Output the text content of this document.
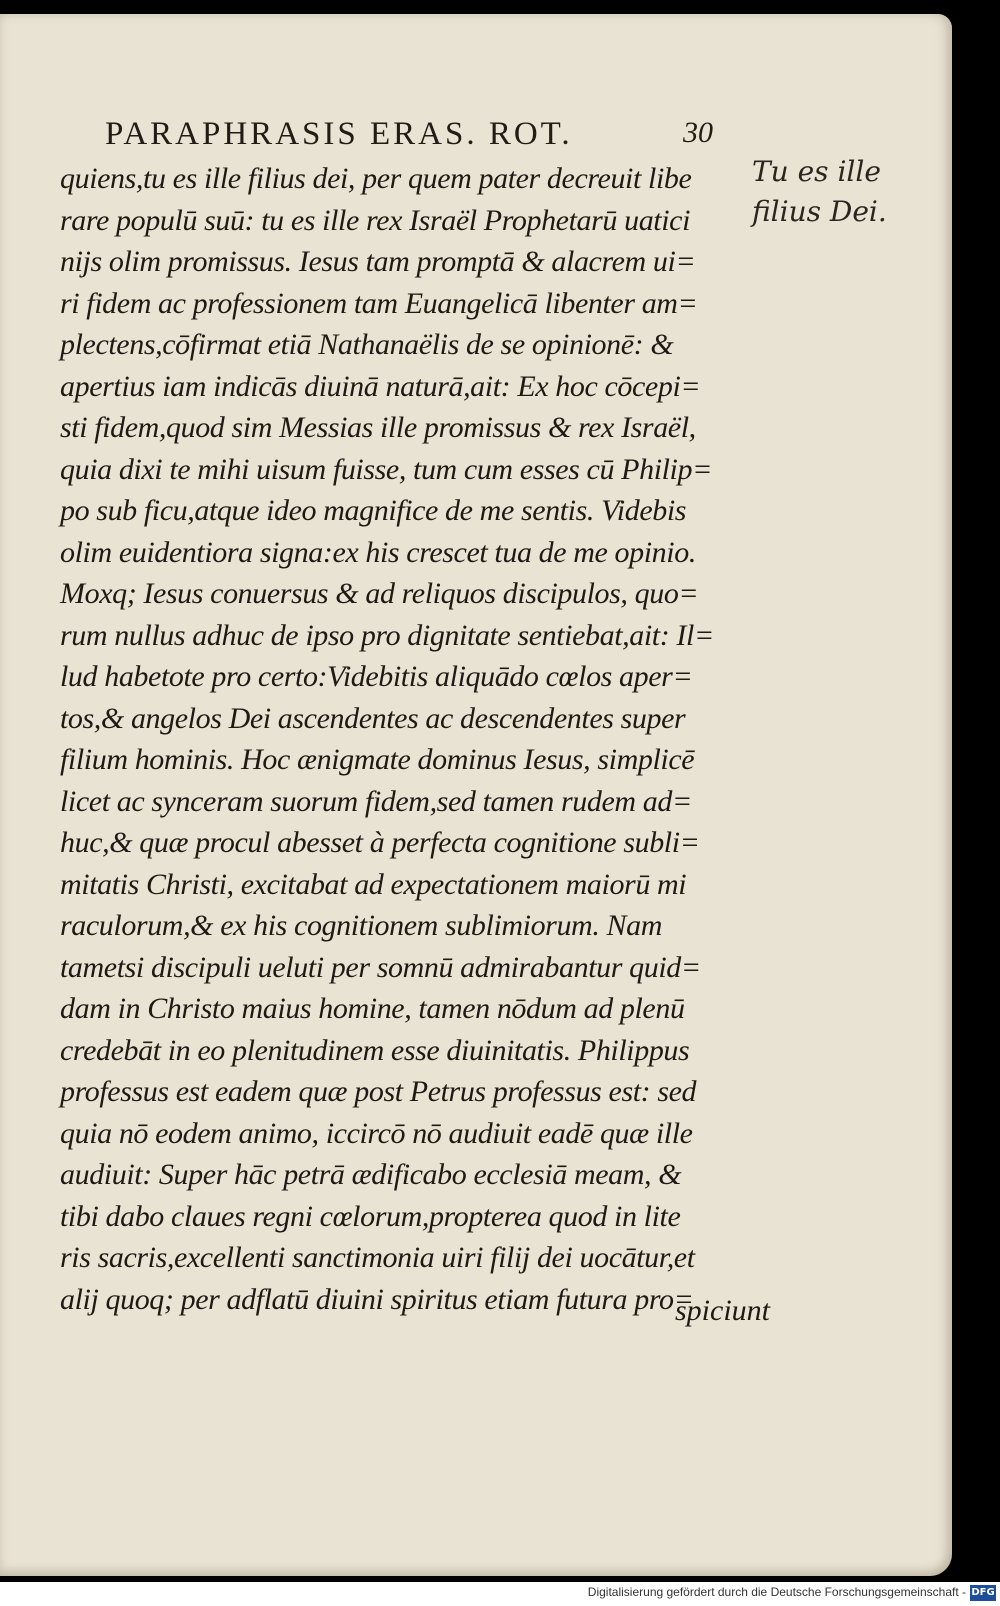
PARAPHRASIS ERAS. ROT.	30
quiens,tu es ille filius dei, per quem pater decreuit libe
rare populū suū: tu es ille rex Israël Prophetarū uatici
nijs olim promissus. Iesus tam promptā & alacrem ui=
ri fidem ac professionem tam Euangelicā libenter am=
plectens,cōfirmat etiā Nathanaëlis de se opinionē: &
apertius iam indicās diuinā naturā,ait: Ex hoc cōcepi=
sti fidem,quod sim Messias ille promissus & rex Israël,
quia dixi te mihi uisum fuisse, tum cum esses cū Philip=
po sub ficu,atque ideo magnifice de me sentis. Videbis
olim euidentiora signa:ex his crescet tua de me opinio.
Moxq; Iesus conuersus & ad reliquos discipulos, quo=
rum nullus adhuc de ipso pro dignitate sentiebat,ait: Il=
lud habetote pro certo:Videbitis aliquādo cœlos aper=
tos,& angelos Dei ascendentes ac descendentes super
filium hominis. Hoc ænigmate dominus Iesus, simplicē
licet ac synceram suorum fidem,sed tamen rudem ad=
huc,& quæ procul abesset à perfecta cognitione subli=
mitatis Christi, excitabat ad expectationem maiorū mi
raculorum,& ex his cognitionem sublimiorum. Nam
tametsi discipuli ueluti per somnū admirabantur quid=
dam in Christo maius homine, tamen nōdum ad plenū
credebāt in eo plenitudinem esse diuinitatis. Philippus
professus est eadem quæ post Petrus professus est: sed
quia nō eodem animo, iccircō nō audiuit eadē quæ ille
audiuit: Super hāc petrā ædificabo ecclesiā meam, &
tibi dabo claues regni cœlorum,propterea quod in lite
ris sacris,excellenti sanctimonia uiri filij dei uocātur,et
alij quoq; per adflatū diuini spiritus etiam futura pro=
spiciunt
Tu es ille
filius Dei.
Digitalisierung gefördert durch die Deutsche Forschungsgemeinschaft - DFG
